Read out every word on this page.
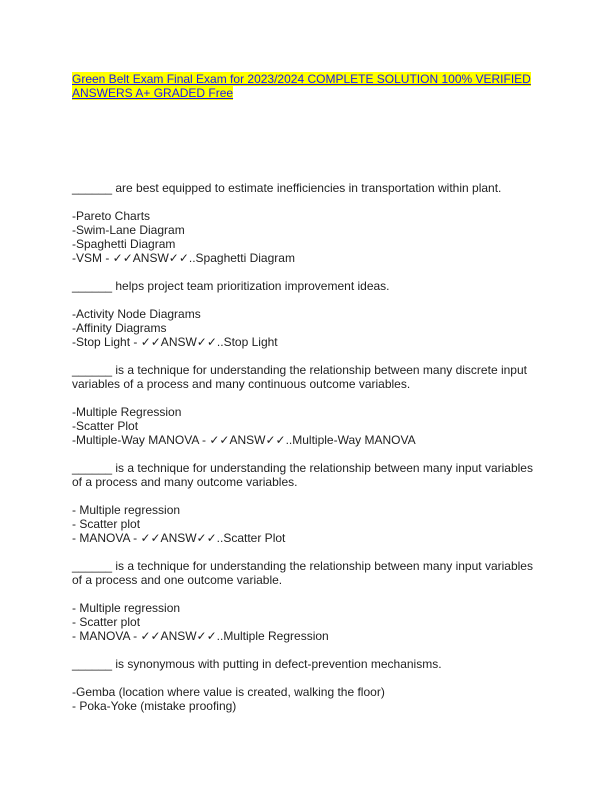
Green Belt Exam Final Exam for 2023/2024 COMPLETE SOLUTION 100% VERIFIED
ANSWERS A+ GRADED Free
______ are best equipped to estimate inefficiencies in transportation within plant.
-Pareto Charts
-Swim-Lane Diagram
-Spaghetti Diagram
-VSM - ✓✓ANSW✓✓..Spaghetti Diagram
______ helps project team prioritization improvement ideas.
-Activity Node Diagrams
-Affinity Diagrams
-Stop Light - ✓✓ANSW✓✓..Stop Light
______ is a technique for understanding the relationship between many discrete input variables of a process and many continuous outcome variables.
-Multiple Regression
-Scatter Plot
-Multiple-Way MANOVA - ✓✓ANSW✓✓..Multiple-Way MANOVA
______ is a technique for understanding the relationship between many input variables of a process and many outcome variables.
- Multiple regression
- Scatter plot
- MANOVA - ✓✓ANSW✓✓..Scatter Plot
______ is a technique for understanding the relationship between many input variables of a process and one outcome variable.
- Multiple regression
- Scatter plot
- MANOVA - ✓✓ANSW✓✓..Multiple Regression
______ is synonymous with putting in defect-prevention mechanisms.
-Gemba (location where value is created, walking the floor)
- Poka-Yoke (mistake proofing)
